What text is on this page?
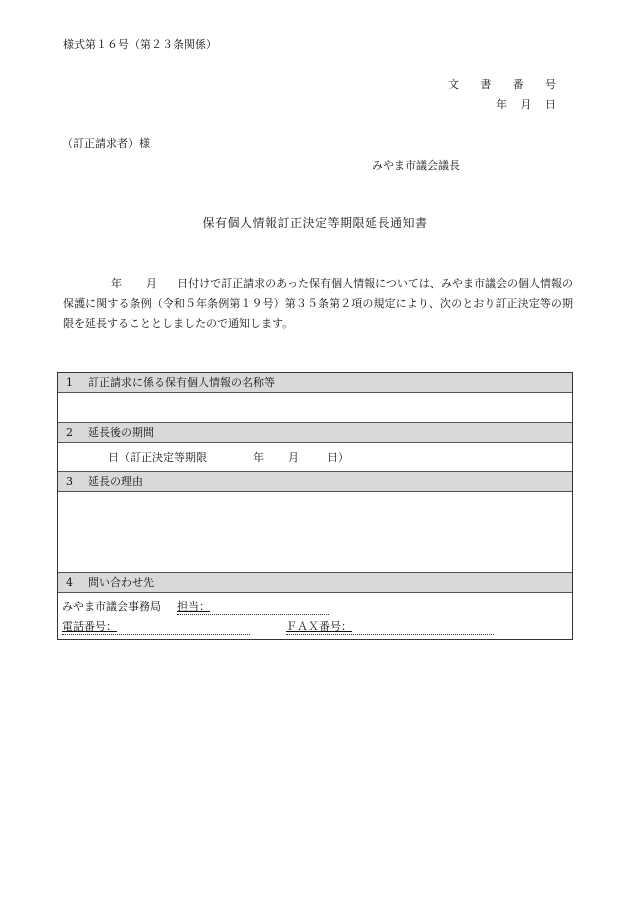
様式第１６号（第２３条関係）
文 書 番 号
年 月 日
（訂正請求者）様
みやま市議会議長
保有個人情報訂正決定等期限延長通知書
年 月 日付けで訂正請求のあった保有個人情報については、みやま市議会の個人情報の保護に関する条例（令和５年条例第１９号）第３５条第２項の規定により、次のとおり訂正決定等の期限を延長することとしましたので通知します。
1 訂正請求に係る保有個人情報の名称等
2 延長後の期間
日（訂正決定等期限	年 月	日）
3 延長の理由
4 問い合わせ先
みやま市議会事務局 担当：
電話番号：	ＦＡＸ番号：
